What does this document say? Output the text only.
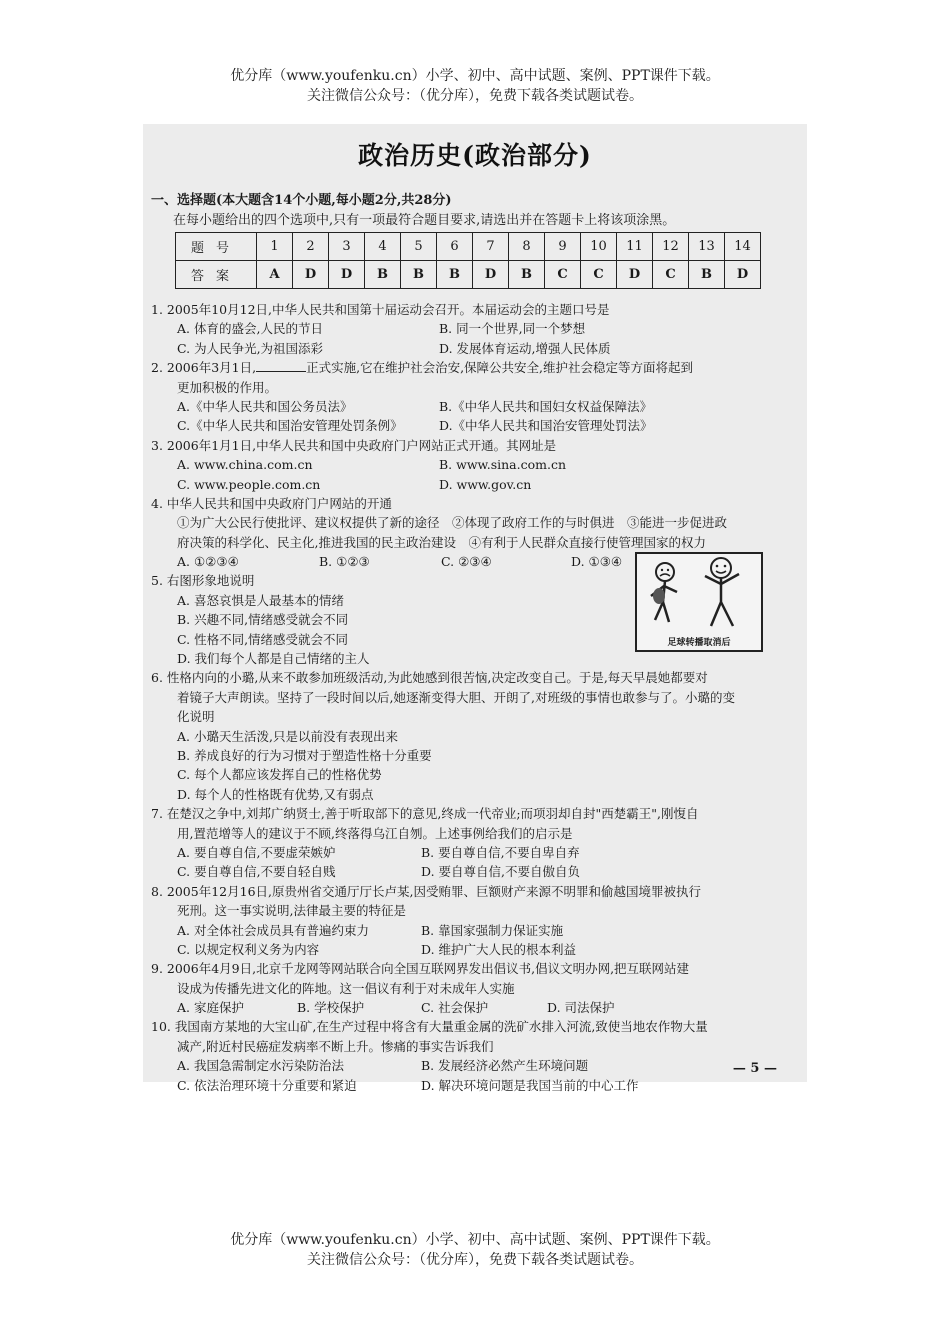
优分库（www.youfenku.cn）小学、初中、高中试题、案例、PPT课件下载。
关注微信公众号：（优分库），免费下载各类试题试卷。
政治历史(政治部分)
一、选择题(本大题含14个小题,每小题2分,共28分)
在每小题给出的四个选项中,只有一项最符合题目要求,请选出并在答题卡上将该项涂黑。
题号	1	2	3	4	5	6	7	8	9	10	11	12	13	14
答案	A	D	D	B	B	B	D	B	C	C	D	C	B	D
1. 2005年10月12日,中华人民共和国第十届运动会召开。本届运动会的主题口号是
A. 体育的盛会,人民的节日	B. 同一个世界,同一个梦想
C. 为人民争光,为祖国添彩	D. 发展体育运动,增强人民体质
2. 2006年3月1日,	正式实施,它在维护社会治安,保障公共安全,维护社会稳定等方面将起到
更加积极的作用。
A.《中华人民共和国公务员法》	B.《中华人民共和国妇女权益保障法》
C.《中华人民共和国治安管理处罚条例》	D.《中华人民共和国治安管理处罚法》
3. 2006年1月1日,中华人民共和国中央政府门户网站正式开通。其网址是
A. www.china.com.cn	B. www.sina.com.cn
C. www.people.com.cn	D. www.gov.cn
4. 中华人民共和国中央政府门户网站的开通
①为广大公民行使批评、建议权提供了新的途径　②体现了政府工作的与时俱进　③能进一步促进政
府决策的科学化、民主化,推进我国的民主政治建设　④有利于人民群众直接行使管理国家的权力
A. ①②③④	B. ①②③	C. ②③④	D. ①③④
5. 右图形象地说明
A. 喜怒哀惧是人最基本的情绪
B. 兴趣不同,情绪感受就会不同
C. 性格不同,情绪感受就会不同
D. 我们每个人都是自己情绪的主人
6. 性格内向的小璐,从来不敢参加班级活动,为此她感到很苦恼,决定改变自己。于是,每天早晨她都要对
着镜子大声朗读。坚持了一段时间以后,她逐渐变得大胆、开朗了,对班级的事情也敢参与了。小璐的变
化说明
A. 小璐天生活泼,只是以前没有表现出来
B. 养成良好的行为习惯对于塑造性格十分重要
C. 每个人都应该发挥自己的性格优势
D. 每个人的性格既有优势,又有弱点
7. 在楚汉之争中,刘邦广纳贤士,善于听取部下的意见,终成一代帝业;而项羽却自封"西楚霸王",刚愎自
用,置范增等人的建议于不顾,终落得乌江自刎。上述事例给我们的启示是
A. 要自尊自信,不要虚荣嫉妒	B. 要自尊自信,不要自卑自弃
C. 要自尊自信,不要自轻自贱	D. 要自尊自信,不要自傲自负
8. 2005年12月16日,原贵州省交通厅厅长卢某,因受贿罪、巨额财产来源不明罪和偷越国境罪被执行
死刑。这一事实说明,法律最主要的特征是
A. 对全体社会成员具有普遍约束力	B. 靠国家强制力保证实施
C. 以规定权利义务为内容	D. 维护广大人民的根本利益
9. 2006年4月9日,北京千龙网等网站联合向全国互联网界发出倡议书,倡议文明办网,把互联网站建
设成为传播先进文化的阵地。这一倡议有利于对未成年人实施
A. 家庭保护	B. 学校保护	C. 社会保护	D. 司法保护
10. 我国南方某地的大宝山矿,在生产过程中将含有大量重金属的洗矿水排入河流,致使当地农作物大量
减产,附近村民癌症发病率不断上升。惨痛的事实告诉我们
A. 我国急需制定水污染防治法	B. 发展经济必然产生环境问题
C. 依法治理环境十分重要和紧迫	D. 解决环境问题是我国当前的中心工作
足球转播取消后
— 5 —
优分库（www.youfenku.cn）小学、初中、高中试题、案例、PPT课件下载。
关注微信公众号：（优分库），免费下载各类试题试卷。
